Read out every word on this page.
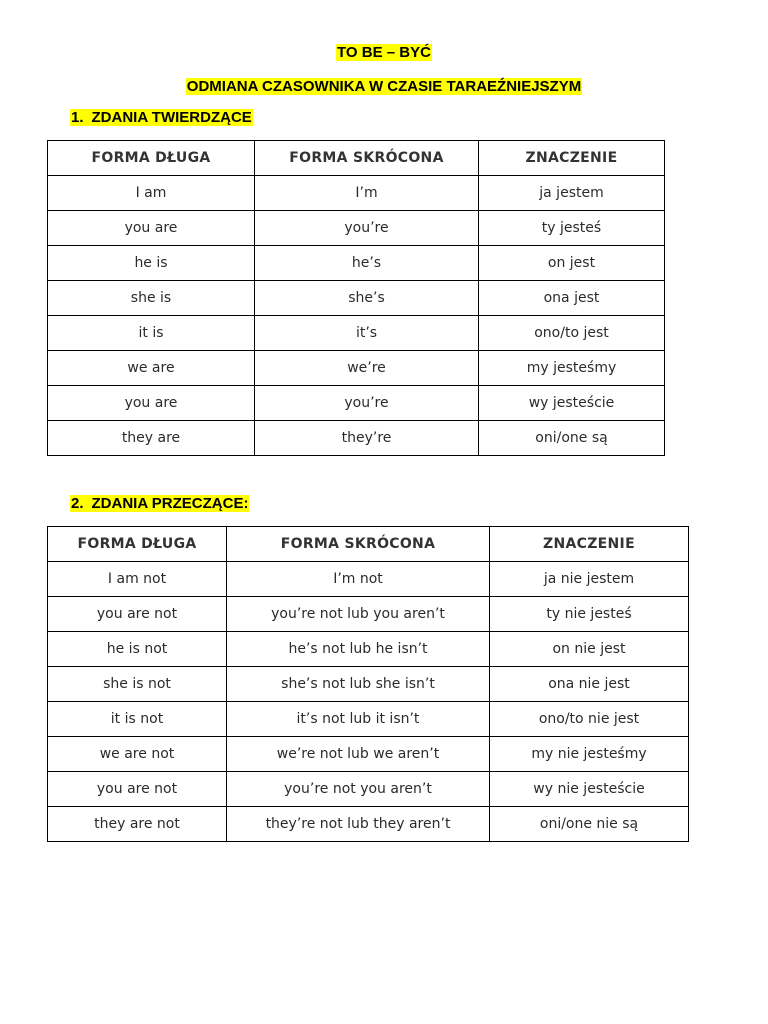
TO BE – BYĆ
ODMIANA CZASOWNIKA W CZASIE TARAEŹNIEJSZYM
1. ZDANIA TWIERDZĄCE
FORMA DŁUGA	FORMA SKRÓCONA	ZNACZENIE
I am	I’m	ja jestem
you are	you’re	ty jesteś
he is	he’s	on jest
she is	she’s	ona jest
it is	it’s	ono/to jest
we are	we’re	my jesteśmy
you are	you’re	wy jesteście
they are	they’re	oni/one są
2. ZDANIA PRZECZĄCE:
FORMA DŁUGA	FORMA SKRÓCONA	ZNACZENIE
I am not	I’m not	ja nie jestem
you are not	you’re not lub you aren’t	ty nie jesteś
he is not	he’s not lub he isn’t	on nie jest
she is not	she’s not lub she isn’t	ona nie jest
it is not	it’s not lub it isn’t	ono/to nie jest
we are not	we’re not lub we aren’t	my nie jesteśmy
you are not	you’re not you aren’t	wy nie jesteście
they are not	they’re not lub they aren’t	oni/one nie są
